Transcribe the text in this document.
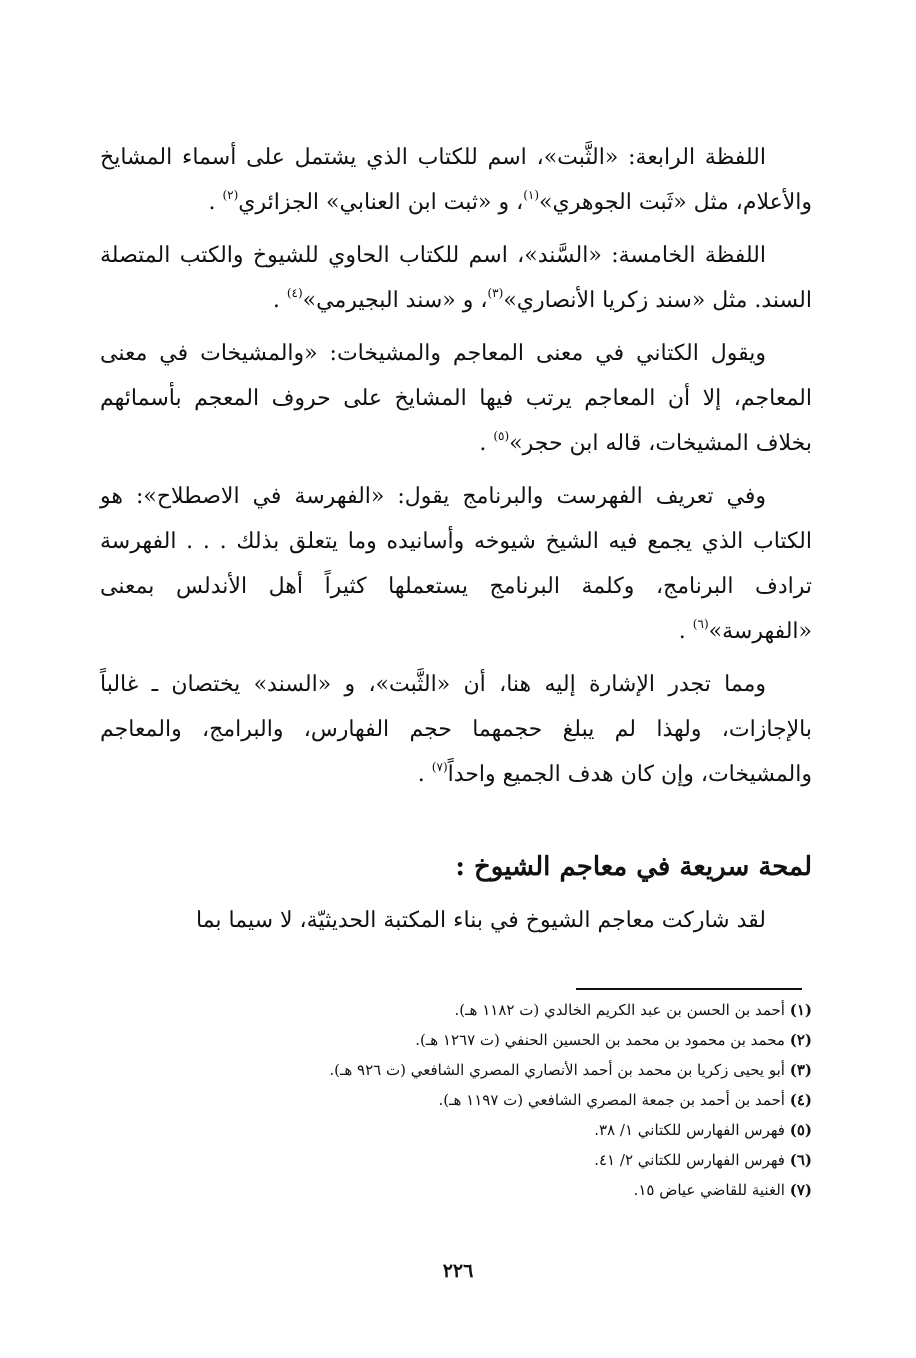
اللفظة الرابعة: «الثَّبت»، اسم للكتاب الذي يشتمل على أسماء المشايخ والأعلام، مثل «ثَبت الجوهري»$^{(١)}$، و «ثبت ابن العنابي» الجزائري$^{(٢)}$ .

اللفظة الخامسة: «السَّند»، اسم للكتاب الحاوي للشيوخ والكتب المتصلة السند. مثل «سند زكريا الأنصاري»$^{(٣)}$، و «سند البجيرمي»$^{(٤)}$ .

ويقول الكتاني في معنى المعاجم والمشيخات: «والمشيخات في معنى المعاجم، إلا أن المعاجم يرتب فيها المشايخ على حروف المعجم بأسمائهم بخلاف المشيخات، قاله ابن حجر»$^{(٥)}$ .

وفي تعريف الفهرست والبرنامج يقول: «الفهرسة في الاصطلاح»: هو الكتاب الذي يجمع فيه الشيخ شيوخه وأسانيده وما يتعلق بذلك . . . الفهرسة ترادف البرنامج، وكلمة البرنامج يستعملها كثيراً أهل الأندلس بمعنى «الفهرسة»$^{(٦)}$ .

ومما تجدر الإشارة إليه هنا، أن «الثَّبت»، و «السند» يختصان ـ غالباً بالإجازات، ولهذا لم يبلغ حجمهما حجم الفهارس، والبرامج، والمعاجم والمشيخات، وإن كان هدف الجميع واحداً$^{(٧)}$ .

لمحة سريعة في معاجم الشيوخ :

لقد شاركت معاجم الشيوخ في بناء المكتبة الحديثيّة، لا سيما بما

(١) أحمد بن الحسن بن عبد الكريم الخالدي (ت ١١٨٢ هـ).

(٢) محمد بن محمود بن محمد بن الحسين الحنفي (ت ١٢٦٧ هـ).

(٣) أبو يحيى زكريا بن محمد بن أحمد الأنصاري المصري الشافعي (ت ٩٢٦ هـ).

(٤) أحمد بن أحمد بن جمعة المصري الشافعي (ت ١١٩٧ هـ).

(٥) فهرس الفهارس للكتاني ١/ ٣٨.

(٦) فهرس الفهارس للكتاني ٢/ ٤١.

(٧) الغنية للقاضي عياض ١٥.

٢٢٦
